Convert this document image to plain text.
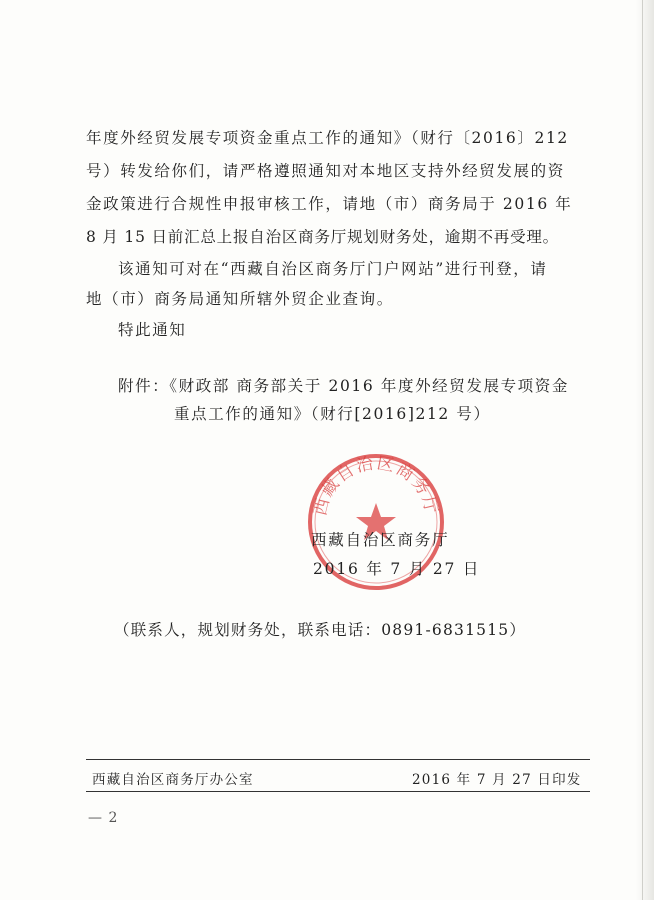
年度外经贸发展专项资金重点工作的通知》（财行〔2016〕212
号）转发给你们，请严格遵照通知对本地区支持外经贸发展的资
金政策进行合规性申报审核工作，请地（市）商务局于 2016 年
8 月 15 日前汇总上报自治区商务厅规划财务处，逾期不再受理。
该通知可对在“西藏自治区商务厅门户网站”进行刊登，请
地（市）商务局通知所辖外贸企业查询。
特此通知
附件：《财政部 商务部关于 2016 年度外经贸发展专项资金
重点工作的通知》（财行[2016]212 号）
西藏自治区商务厅
西藏自治区商务厅
2016 年 7 月 27 日
（联系人，规划财务处，联系电话：0891-6831515）
西藏自治区商务厅办公室	2016 年 7 月 27 日印发
— 2
